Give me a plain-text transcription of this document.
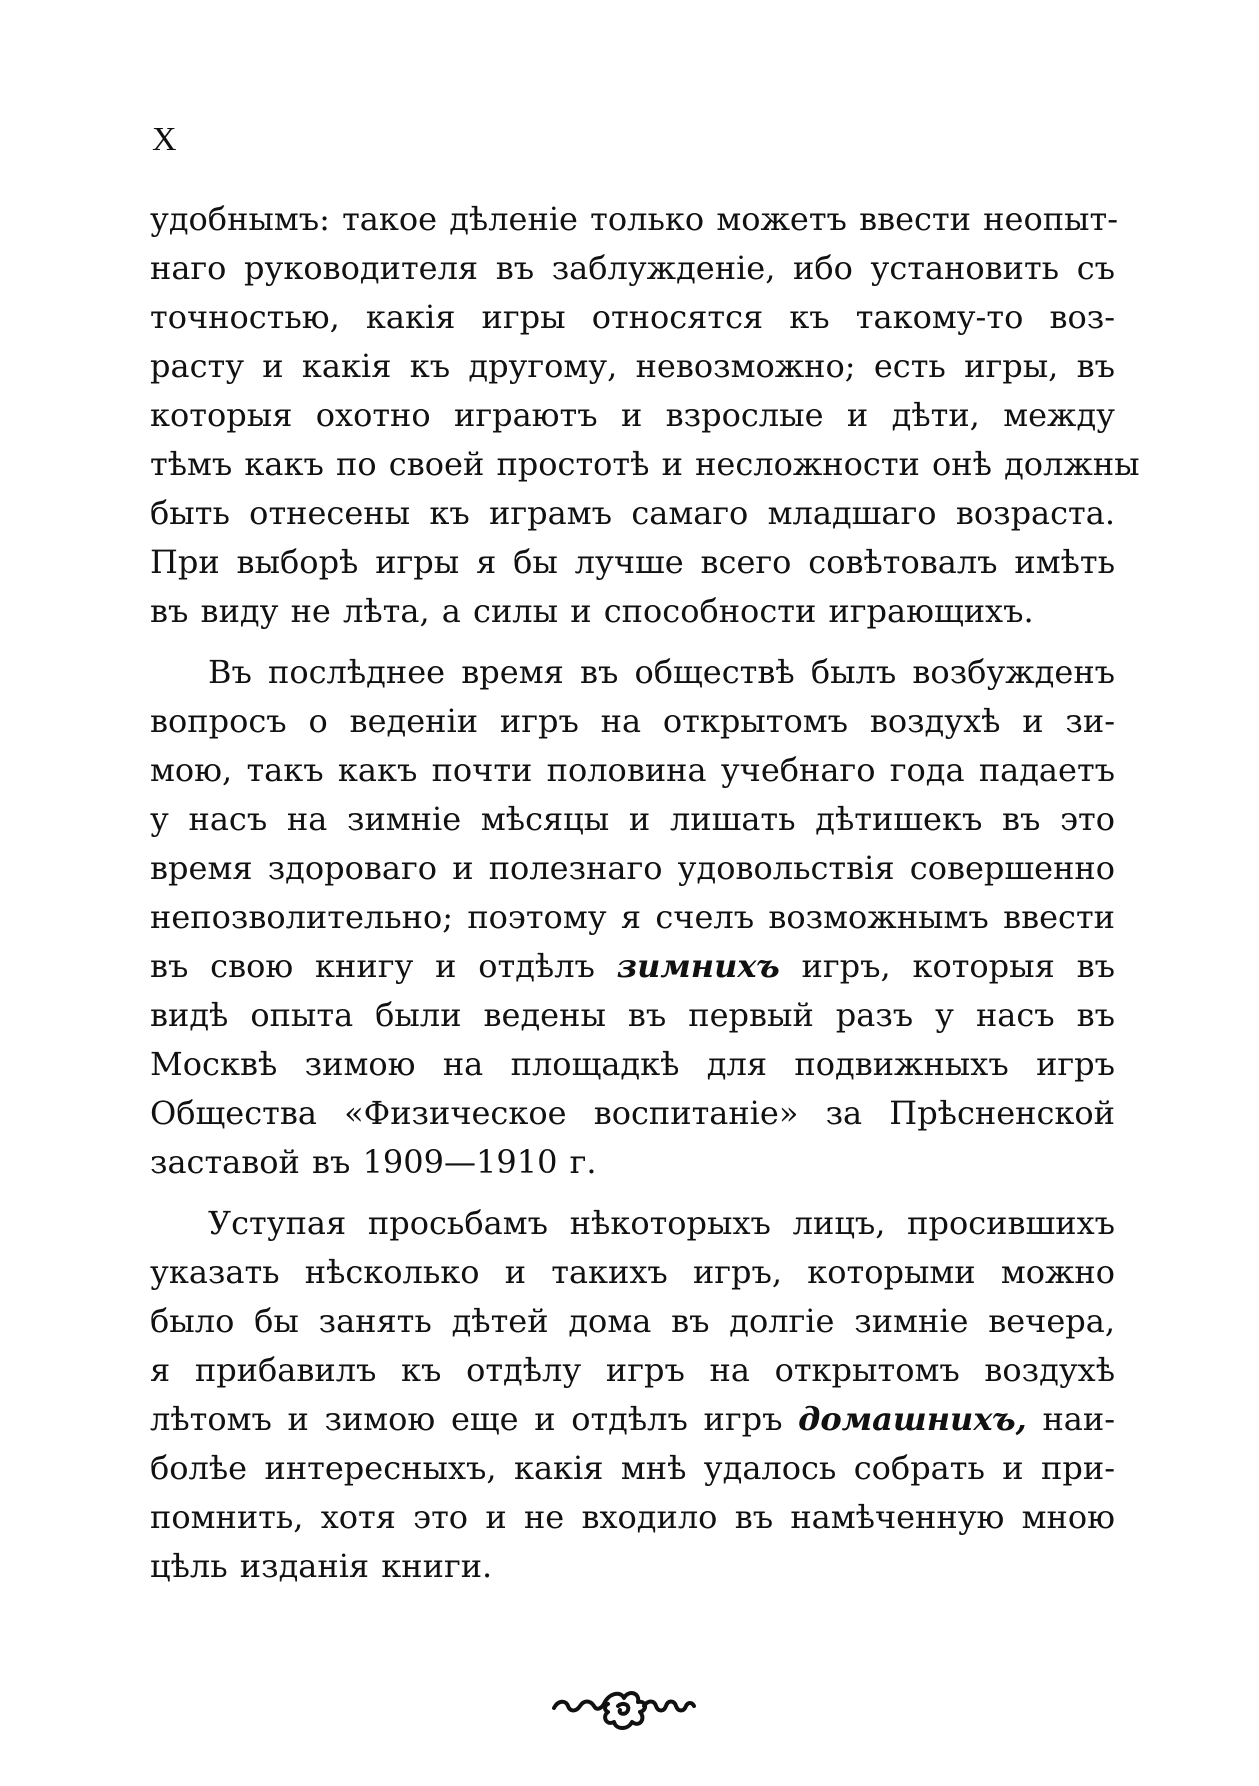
X
удобнымъ: такое дѣленіе только можетъ ввести неопыт-
наго руководителя въ заблужденіе, ибо установить съ
точностью, какія игры относятся къ такому-то воз-
расту и какія къ другому, невозможно; есть игры, въ
которыя охотно играютъ и взрослые и дѣти, между
тѣмъ какъ по своей простотѣ и несложности онѣ должны
быть отнесены къ играмъ самаго младшаго возраста.
При выборѣ игры я бы лучше всего совѣтовалъ имѣть
въ виду не лѣта, а силы и способности играющихъ.
Въ послѣднее время въ обществѣ былъ возбужденъ
вопросъ о веденіи игръ на открытомъ воздухѣ и зи-
мою, такъ какъ почти половина учебнаго года падаетъ
у насъ на зимніе мѣсяцы и лишать дѣтишекъ въ это
время здороваго и полезнаго удовольствія совершенно
непозволительно; поэтому я счелъ возможнымъ ввести
въ свою книгу и отдѣлъ зимнихъ игръ, которыя въ
видѣ опыта были ведены въ первый разъ у насъ въ
Москвѣ зимою на площадкѣ для подвижныхъ игръ
Общества «Физическое воспитаніе» за Прѣсненской
заставой въ 1909—1910 г.
Уступая просьбамъ нѣкоторыхъ лицъ, просившихъ
указать нѣсколько и такихъ игръ, которыми можно
было бы занять дѣтей дома въ долгіе зимніе вечера,
я прибавилъ къ отдѣлу игръ на открытомъ воздухѣ
лѣтомъ и зимою еще и отдѣлъ игръ домашнихъ, наи-
болѣе интересныхъ, какія мнѣ удалось собрать и при-
помнить, хотя это и не входило въ намѣченную мною
цѣль изданія книги.
